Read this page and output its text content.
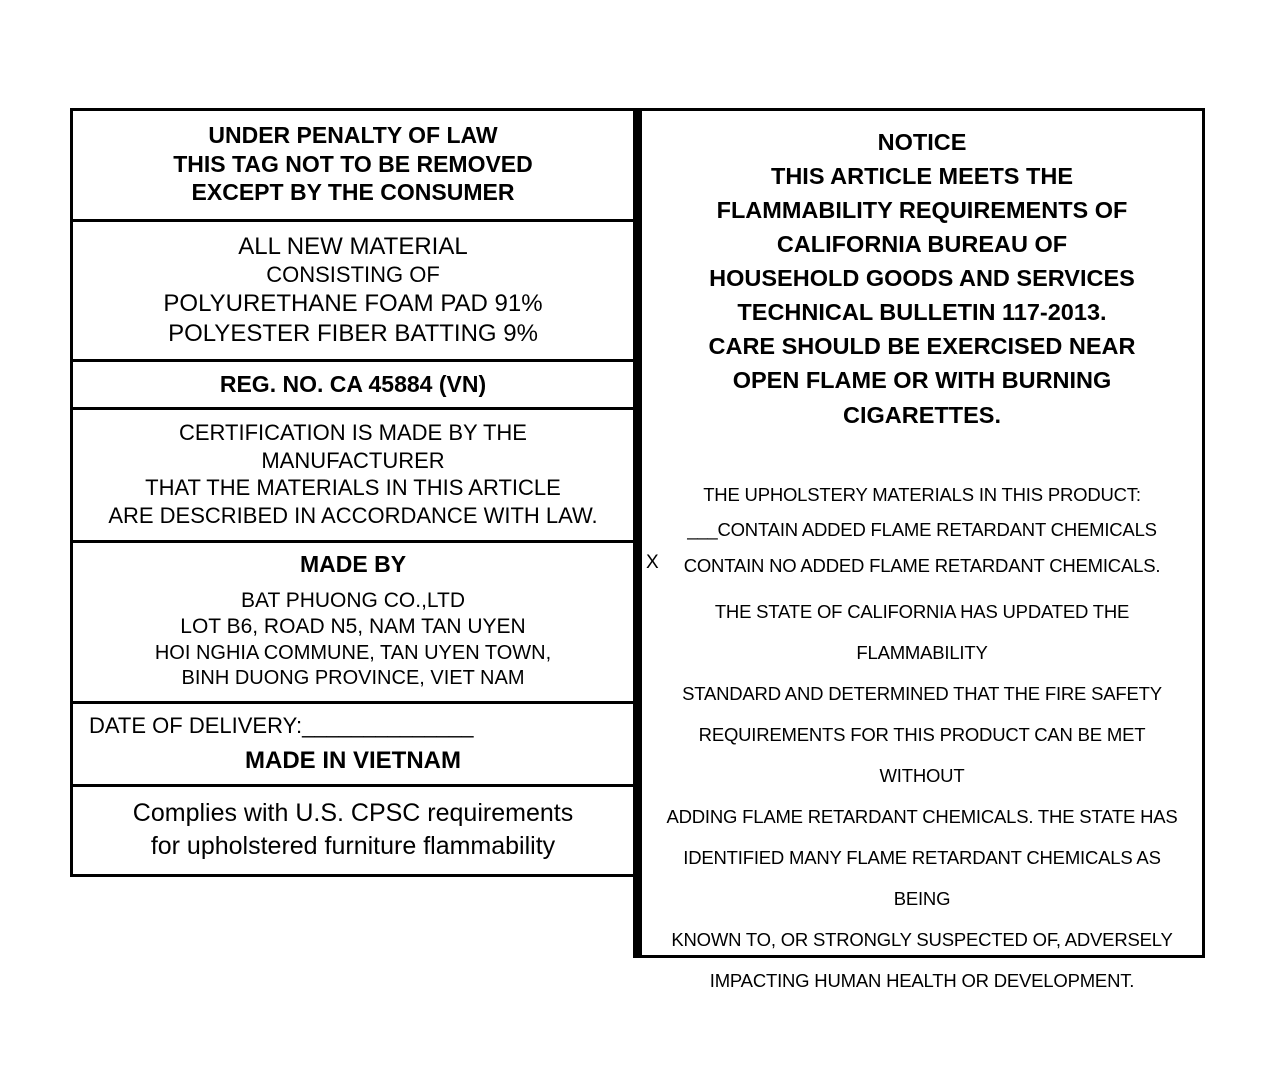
UNDER PENALTY OF LAW
THIS TAG NOT TO BE REMOVED
EXCEPT BY THE CONSUMER
ALL NEW MATERIAL
CONSISTING OF
POLYURETHANE FOAM PAD 91%
POLYESTER FIBER BATTING 9%
REG. NO. CA 45884 (VN)
CERTIFICATION IS MADE BY THE
MANUFACTURER
THAT THE MATERIALS IN THIS ARTICLE
ARE DESCRIBED IN ACCORDANCE WITH LAW.
MADE BY
BAT PHUONG CO.,LTD
LOT B6, ROAD N5, NAM TAN UYEN
HOI NGHIA COMMUNE, TAN UYEN TOWN,
BINH DUONG PROVINCE, VIET NAM
DATE OF DELIVERY:______________
MADE IN VIETNAM
Complies with U.S. CPSC requirements
for upholstered furniture flammability
NOTICE
THIS ARTICLE MEETS THE
FLAMMABILITY REQUIREMENTS OF
CALIFORNIA BUREAU OF
HOUSEHOLD GOODS AND SERVICES
TECHNICAL BULLETIN 117-2013.
CARE SHOULD BE EXERCISED NEAR
OPEN FLAME OR WITH BURNING
CIGARETTES.
THE UPHOLSTERY MATERIALS IN THIS PRODUCT:
___CONTAIN ADDED FLAME RETARDANT CHEMICALS
X CONTAIN NO ADDED FLAME RETARDANT CHEMICALS.
THE STATE OF CALIFORNIA HAS UPDATED THE FLAMMABILITY
STANDARD AND DETERMINED THAT THE FIRE SAFETY
REQUIREMENTS FOR THIS PRODUCT CAN BE MET WITHOUT
ADDING FLAME RETARDANT CHEMICALS. THE STATE HAS
IDENTIFIED MANY FLAME RETARDANT CHEMICALS AS BEING
KNOWN TO, OR STRONGLY SUSPECTED OF, ADVERSELY
IMPACTING HUMAN HEALTH OR DEVELOPMENT.
